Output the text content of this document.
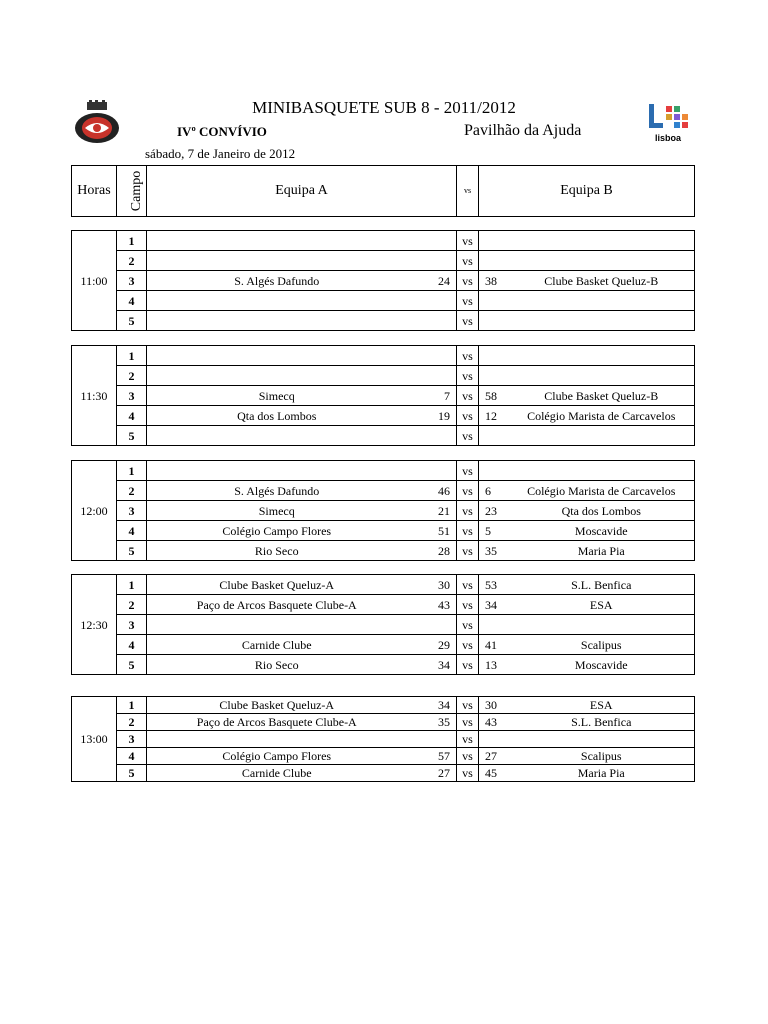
MINIBASQUETE SUB 8 - 2011/2012
IVº CONVÍVIO	Pavilhão da Ajuda
sábado, 7 de Janeiro de 2012
lisboa
Horas	Campo	Equipa A	vs	Equipa B
11:00	1			vs		
	2			vs		
	3	S. Algés Dafundo	24	vs	38	Clube Basket Queluz-B
	4			vs		
	5			vs		
11:30	1			vs		
	2			vs		
	3	Simecq	7	vs	58	Clube Basket Queluz-B
	4	Qta dos Lombos	19	vs	12	Colégio Marista de Carcavelos
	5			vs		
12:00	1			vs		
	2	S. Algés Dafundo	46	vs	6	Colégio Marista de Carcavelos
	3	Simecq	21	vs	23	Qta dos Lombos
	4	Colégio Campo Flores	51	vs	5	Moscavide
	5	Rio Seco	28	vs	35	Maria Pia
12:30	1	Clube Basket Queluz-A	30	vs	53	S.L. Benfica
	2	Paço de Arcos Basquete Clube-A	43	vs	34	ESA
	3			vs		
	4	Carnide Clube	29	vs	41	Scalipus
	5	Rio Seco	34	vs	13	Moscavide
13:00	1	Clube Basket Queluz-A	34	vs	30	ESA
	2	Paço de Arcos Basquete Clube-A	35	vs	43	S.L. Benfica
	3			vs		
	4	Colégio Campo Flores	57	vs	27	Scalipus
	5	Carnide Clube	27	vs	45	Maria Pia
